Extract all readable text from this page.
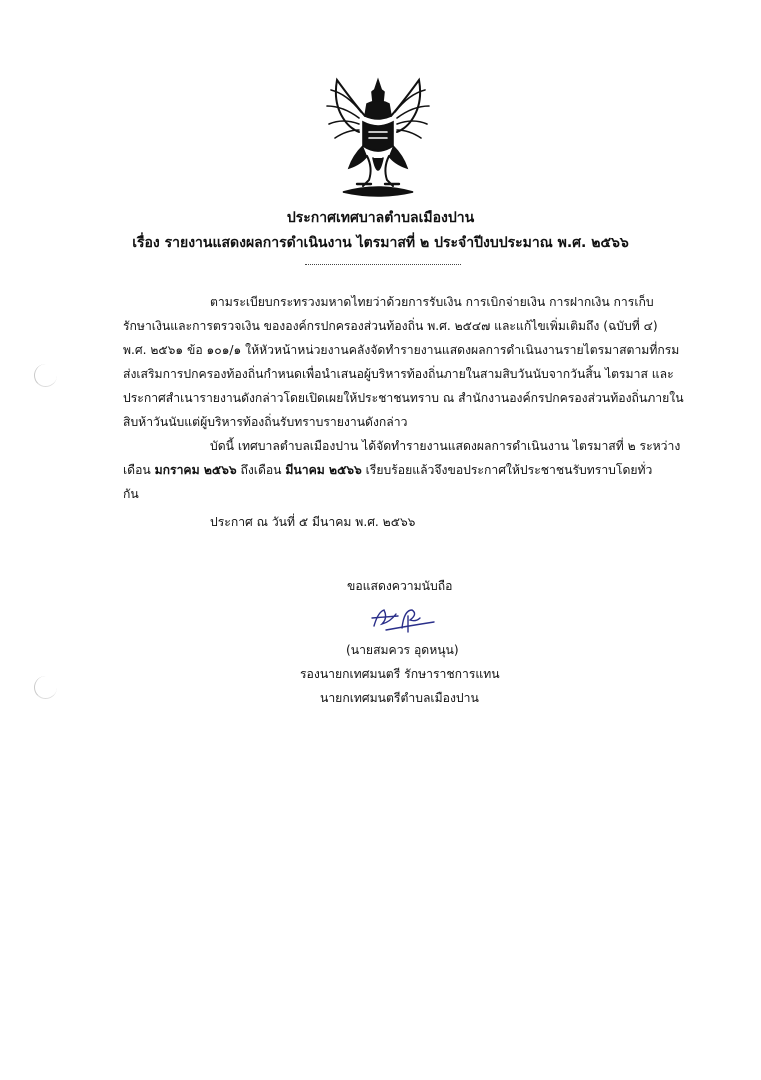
ประกาศเทศบาลตำบลเมืองปาน
เรื่อง รายงานแสดงผลการดำเนินงาน ไตรมาสที่ ๒ ประจำปีงบประมาณ พ.ศ. ๒๕๖๖
ตามระเบียบกระทรวงมหาดไทยว่าด้วยการรับเงิน การเบิกจ่ายเงิน การฝากเงิน การเก็บ
รักษาเงินและการตรวจเงิน ขององค์กรปกครองส่วนท้องถิ่น พ.ศ. ๒๕๔๗ และแก้ไขเพิ่มเติมถึง (ฉบับที่ ๔)
พ.ศ. ๒๕๖๑ ข้อ ๑๐๑/๑ ให้หัวหน้าหน่วยงานคลังจัดทำรายงานแสดงผลการดำเนินงานรายไตรมาสตามที่กรม
ส่งเสริมการปกครองท้องถิ่นกำหนดเพื่อนำเสนอผู้บริหารท้องถิ่นภายในสามสิบวันนับจากวันสิ้น ไตรมาส และ
ประกาศสำเนารายงานดังกล่าวโดยเปิดเผยให้ประชาชนทราบ ณ สำนักงานองค์กรปกครองส่วนท้องถิ่นภายใน
สิบห้าวันนับแต่ผู้บริหารท้องถิ่นรับทราบรายงานดังกล่าว
บัดนี้ เทศบาลตำบลเมืองปาน ได้จัดทำรายงานแสดงผลการดำเนินงาน ไตรมาสที่ ๒ ระหว่าง
เดือน มกราคม ๒๕๖๖ ถึงเดือน มีนาคม ๒๕๖๖ เรียบร้อยแล้วจึงขอประกาศให้ประชาชนรับทราบโดยทั่ว
กัน
ประกาศ ณ วันที่ ๕ มีนาคม พ.ศ. ๒๕๖๖
ขอแสดงความนับถือ
(นายสมควร อุดหนุน)
รองนายกเทศมนตรี รักษาราชการแทน
นายกเทศมนตรีตำบลเมืองปาน
